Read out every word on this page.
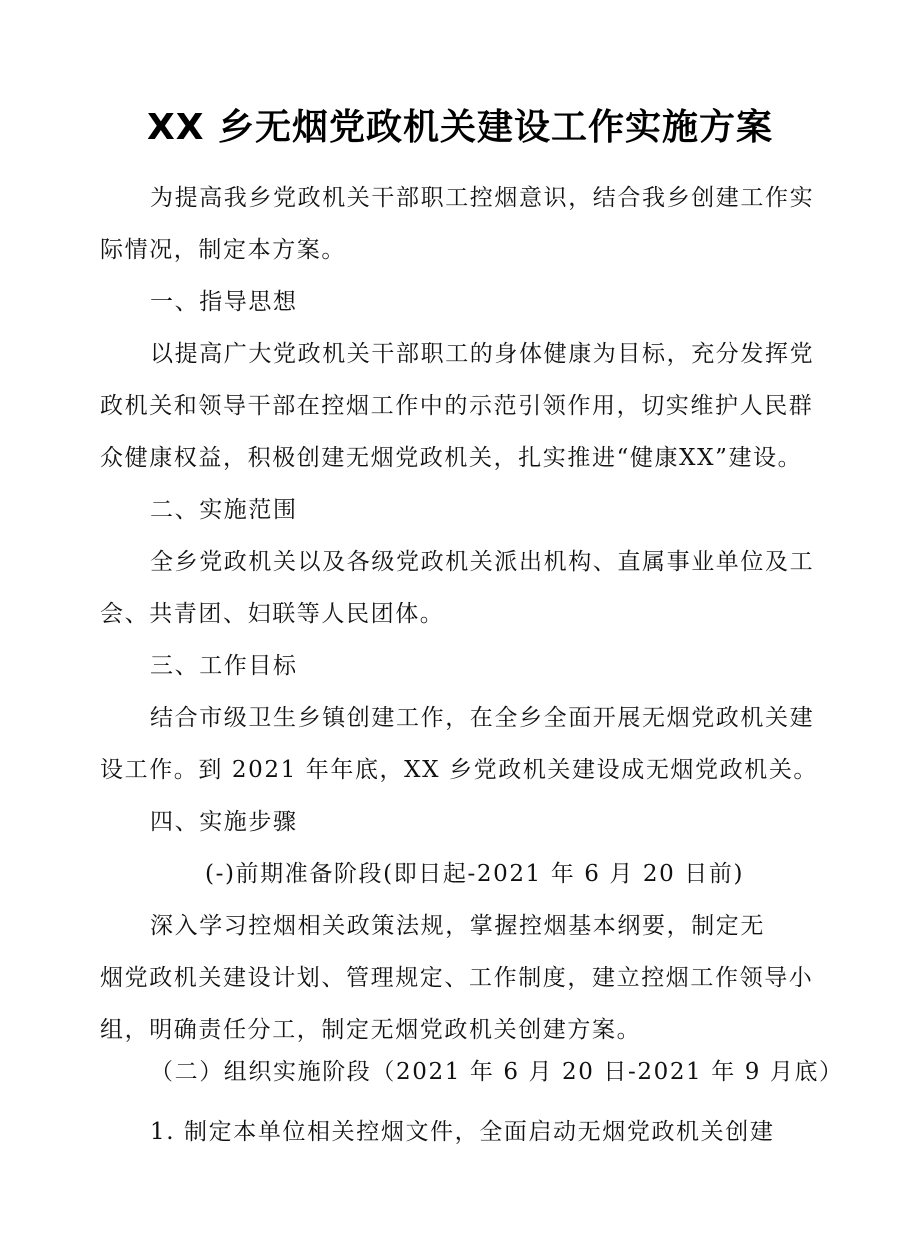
XX 乡无烟党政机关建设工作实施方案
为提高我乡党政机关干部职工控烟意识，结合我乡创建工作实
际情况，制定本方案。
一、指导思想
以提高广大党政机关干部职工的身体健康为目标，充分发挥党
政机关和领导干部在控烟工作中的示范引领作用，切实维护人民群
众健康权益，积极创建无烟党政机关，扎实推进“健康XX”建设。
二、实施范围
全乡党政机关以及各级党政机关派出机构、直属事业单位及工
会、共青团、妇联等人民团体。
三、工作目标
结合市级卫生乡镇创建工作，在全乡全面开展无烟党政机关建
设工作。到 2021 年年底，XX 乡党政机关建设成无烟党政机关。
四、实施步骤
(-)前期准备阶段(即日起-2021 年 6 月 20 日前)
深入学习控烟相关政策法规，掌握控烟基本纲要，制定无
烟党政机关建设计划、管理规定、工作制度，建立控烟工作领导小
组，明确责任分工，制定无烟党政机关创建方案。
（二）组织实施阶段（2021 年 6 月 20 日-2021 年 9 月底）
1. 制定本单位相关控烟文件，全面启动无烟党政机关创建
